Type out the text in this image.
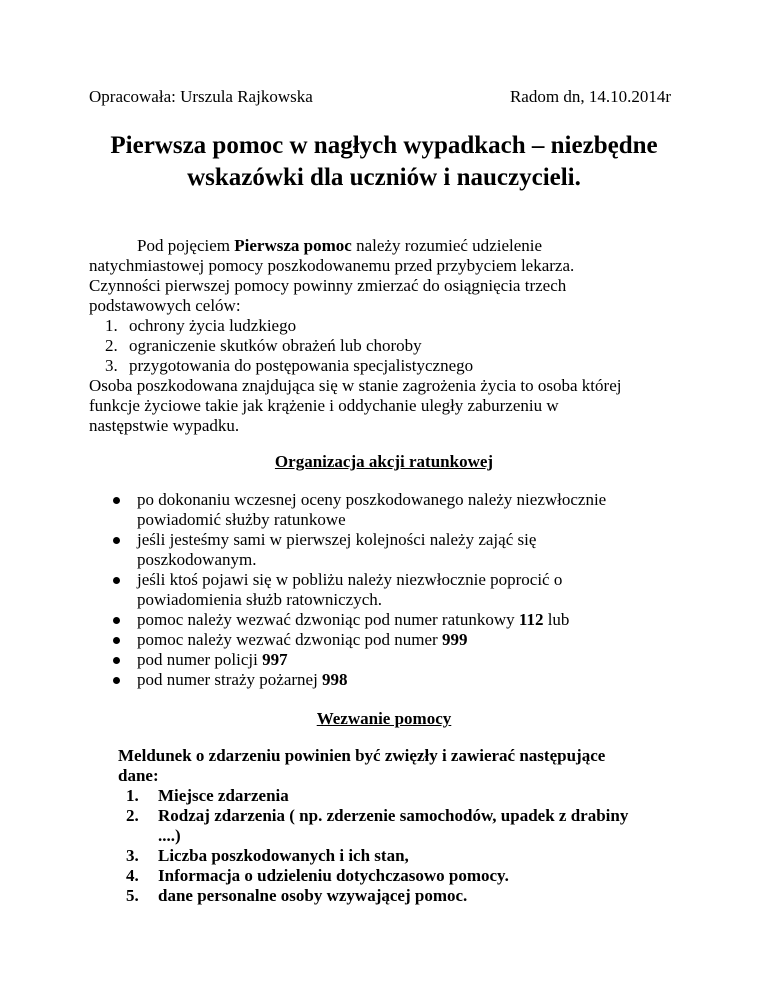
Opracowała: Urszula Rajkowska	Radom dn, 14.10.2014r
Pierwsza pomoc w nagłych wypadkach – niezbędne
wskazówki dla uczniów i nauczycieli.
Pod pojęciem Pierwsza pomoc należy rozumieć udzielenie
natychmiastowej pomocy poszkodowanemu przed przybyciem lekarza.
Czynności pierwszej pomocy powinny zmierzać do osiągnięcia trzech
podstawowych celów:
1. ochrony życia ludzkiego
2. ograniczenie skutków obrażeń lub choroby
3. przygotowania do postępowania specjalistycznego
Osoba poszkodowana znajdująca się w stanie zagrożenia życia to osoba której
funkcje życiowe takie jak krążenie i oddychanie uległy zaburzeniu w
następstwie wypadku.
Organizacja akcji ratunkowej
po dokonaniu wczesnej oceny poszkodowanego należy niezwłocznie
powiadomić służby ratunkowe
jeśli jesteśmy sami w pierwszej kolejności należy zająć się
poszkodowanym.
jeśli ktoś pojawi się w pobliżu należy niezwłocznie poprocić o
powiadomienia służb ratowniczych.
pomoc należy wezwać dzwoniąc pod numer ratunkowy 112 lub
pomoc należy wezwać dzwoniąc pod numer 999
pod numer policji 997
pod numer straży pożarnej 998
Wezwanie pomocy
Meldunek o zdarzeniu powinien być zwięzły i zawierać następujące
dane:
1. Miejsce zdarzenia
2. Rodzaj zdarzenia ( np. zderzenie samochodów, upadek z drabiny
....)
3. Liczba poszkodowanych i ich stan,
4. Informacja o udzieleniu dotychczasowo pomocy.
5. dane personalne osoby wzywającej pomoc.
